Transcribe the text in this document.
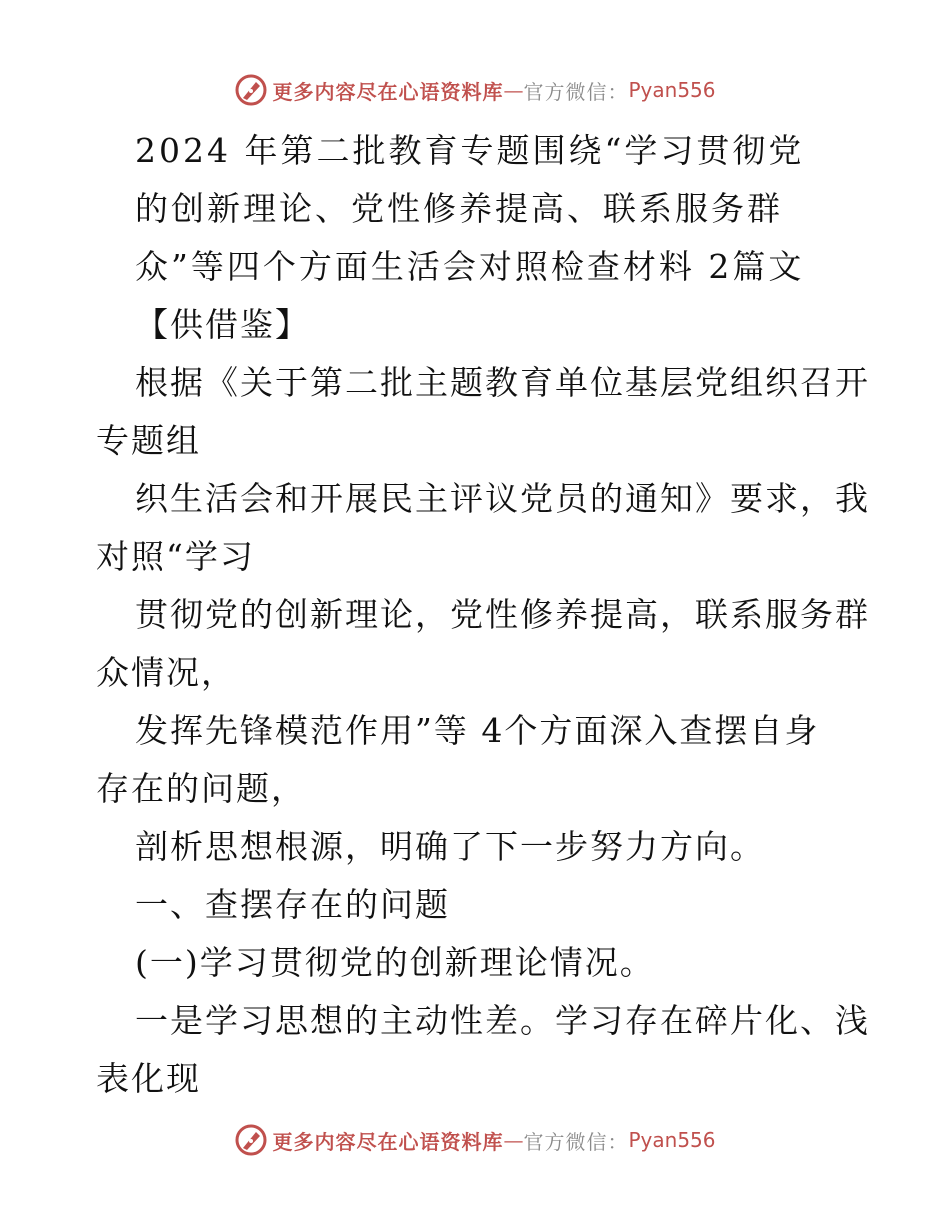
更多内容尽在心语资料库 — 官方微信： Pyan556
2024 年第二批教育专题围绕“学习贯彻党
的创新理论、党性修养提高、联系服务群
众”等四个方面生活会对照检查材料 2篇文
【供借鉴】
根据《关于第二批主题教育单位基层党组织召开
专题组
织生活会和开展民主评议党员的通知》要求，我
对照“学习
贯彻党的创新理论，党性修养提高，联系服务群
众情况，
发挥先锋模范作用”等 4个方面深入查摆自身
存在的问题，
剖析思想根源，明确了下一步努力方向。
一、查摆存在的问题
(一)学习贯彻党的创新理论情况。
一是学习思想的主动性差。学习存在碎片化、浅
表化现
更多内容尽在心语资料库 — 官方微信： Pyan556
